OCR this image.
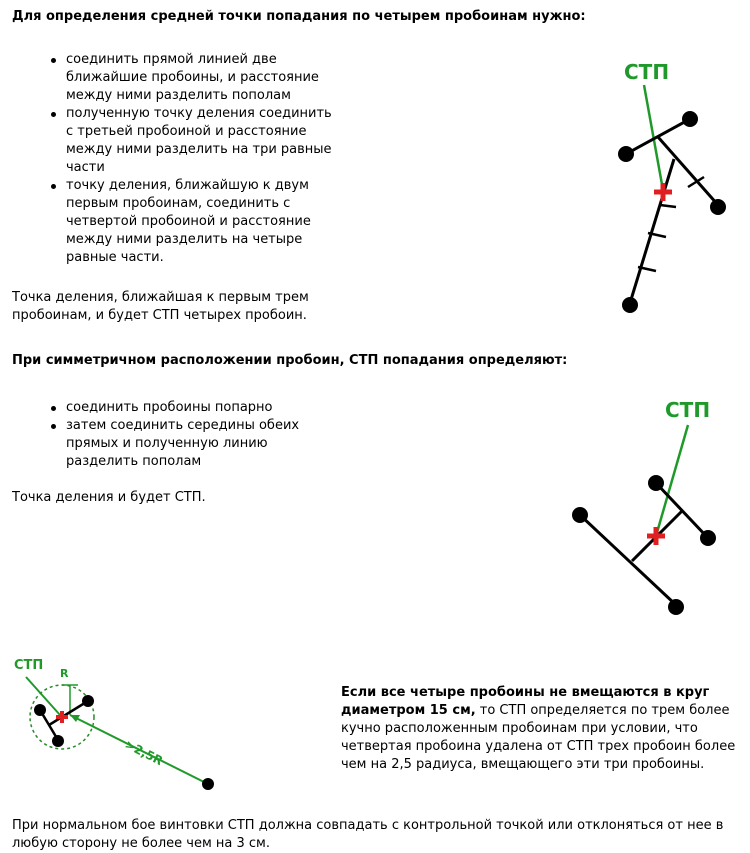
Для определения средней точки попадания по четырем пробоинам нужно:
соединить прямой линией две ближайшие пробоины, и расстояние между ними разделить пополам
полученную точку деления соединить с третьей пробоиной и расстояние между ними разделить на три равные части
точку деления, ближайшую к двум первым пробоинам, соединить с четвертой пробоиной и расстояние между ними разделить на четыре равные части.

Точка деления, ближайшая к первым трем пробоинам, и будет СТП четырех пробоин.

СТП
При симметричном расположении пробоин, СТП попадания определяют:
соединить пробоины попарно
затем соединить середины обеих прямых и полученную линию разделить пополам

Точка деления и будет СТП.

СТП
СТП
R
>2,5R

Если все четыре пробоины не вмещаются в круг диаметром 15 см, то СТП определяется по трем более кучно расположенным пробоинам при условии, что четвертая пробоина удалена от СТП трех пробоин более чем на 2,5 радиуса, вмещающего эти три пробоины.

При нормальном бое винтовки СТП должна совпадать с контрольной точкой или отклоняться от нее в любую сторону не более чем на 3 см.
